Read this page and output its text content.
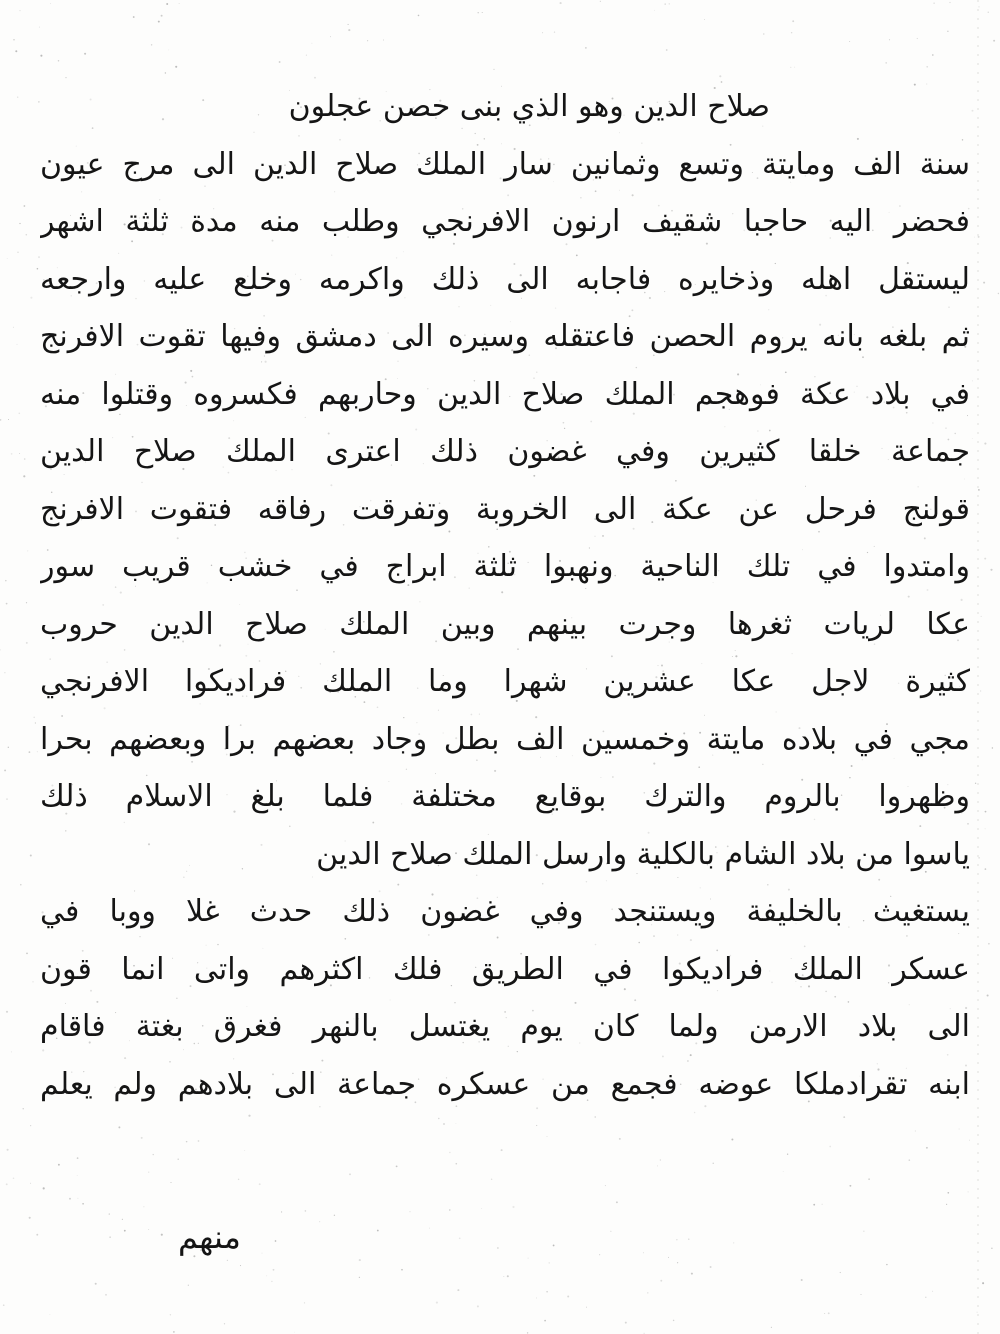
صلاح الدين وهو الذي بنى حصن عجلون
سنة الف ومايتة وتسع وثمانين سار الملك صلاح الدين الى مرج عيون
فحضر اليه حاجبا شقيف ارنون الافرنجي وطلب منه مدة ثلثة اشهر
ليستقل اهله وذخايره فاجابه الى ذلك واكرمه وخلع عليه وارجعه
ثم بلغه بانه يروم الحصن فاعتقله وسيره الى دمشق وفيها تقوت الافرنج
في بلاد عكة فوهجم الملك صلاح الدين وحاربهم فكسروه وقتلوا منه
جماعة خلقا كثيرين وفي غضون ذلك اعترى الملك صلاح الدين
قولنج فرحل عن عكة الى الخروبة وتفرقت رفاقه فتقوت الافرنج
وامتدوا في تلك الناحية ونهبوا ثلثة ابراج في خشب قريب سور
عكا لريات ثغرها وجرت بينهم وبين الملك صلاح الدين حروب
كثيرة لاجل عكا عشرين شهرا وما الملك فراديكوا الافرنجي
مجي في بلاده مايتة وخمسين الف بطل وجاد بعضهم برا وبعضهم بحرا
وظهروا بالروم والترك بوقايع مختلفة فلما بلغ الاسلام ذلك
ياسوا من بلاد الشام بالكلية وارسل الملك صلاح الدين
يستغيث بالخليفة ويستنجد وفي غضون ذلك حدث غلا ووبا في
عسكر الملك فراديكوا في الطريق فلك اكثرهم واتى انما قون
الى بلاد الارمن ولما كان يوم يغتسل بالنهر فغرق بغتة فاقام
ابنه تقرادملكا عوضه فجمع من عسكره جماعة الى بلادهم ولم يعلم
منهم
